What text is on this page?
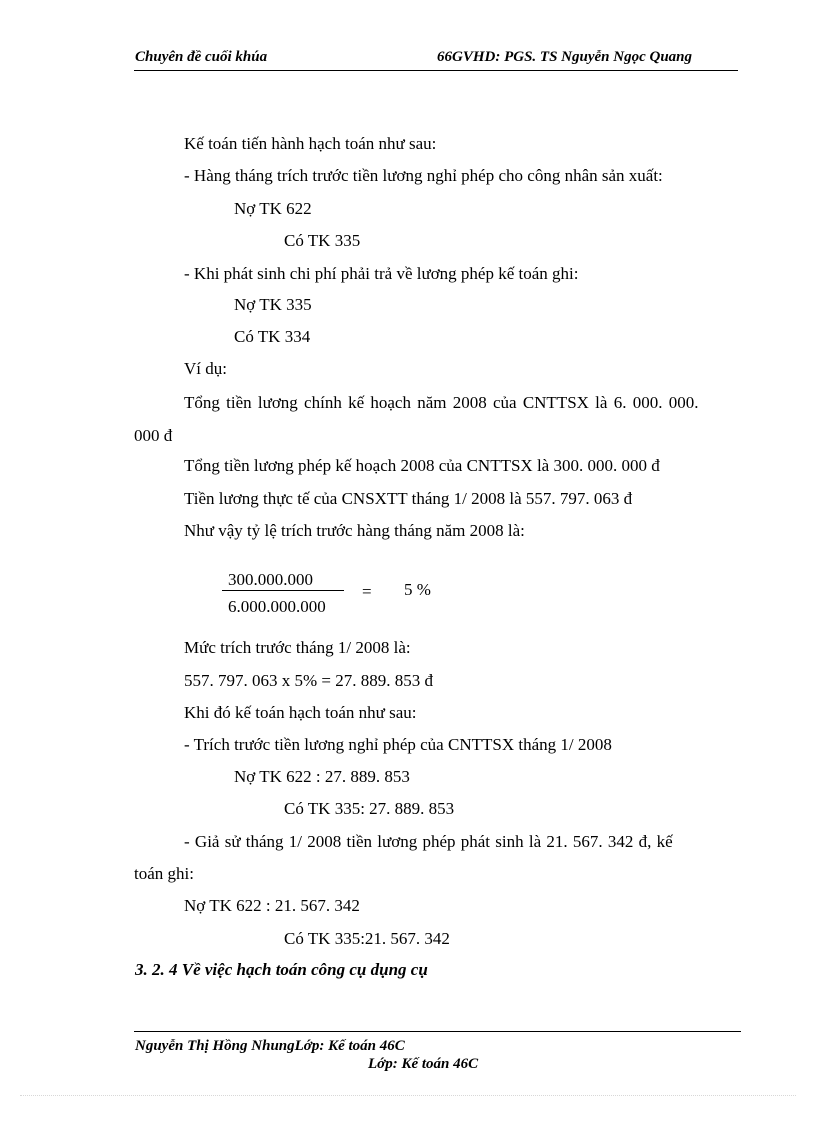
Chuyên đề cuối khúa	66GVHD: PGS. TS Nguyễn Ngọc Quang
Kế toán tiến hành hạch toán như sau:
- Hàng tháng trích trước tiền lương nghỉ phép cho công nhân sản xuất:
Nợ TK 622
Có TK 335
- Khi phát sinh chi phí phải trả về lương phép kế toán ghi:
Nợ TK 335
Có TK 334
Ví dụ:
Tổng tiền lương chính kế hoạch năm 2008 của CNTTSX là 6. 000. 000.
000 đ
Tổng tiền lương phép kế hoạch 2008 của CNTTSX là 300. 000. 000 đ
Tiền lương thực tế của CNSXTT tháng 1/ 2008 là 557. 797. 063 đ
Như vậy tỷ lệ trích trước hàng tháng năm 2008 là:
300.000.000
6.000.000.000
= 5 %
Mức trích trước tháng 1/ 2008 là:
557. 797. 063 x 5% = 27. 889. 853 đ
Khi đó kế toán hạch toán như sau:
- Trích trước tiền lương nghỉ phép của CNTTSX tháng 1/ 2008
Nợ TK 622 : 27. 889. 853
Có TK 335: 27. 889. 853
- Giả sử tháng 1/ 2008 tiền lương phép phát sinh là 21. 567. 342 đ, kế
toán ghi:
Nợ TK 622 : 21. 567. 342
Có TK 335:21. 567. 342
3. 2. 4 Về việc hạch toán công cụ dụng cụ
Nguyễn Thị Hồng NhungLớp: Kế toán 46C
Lớp: Kế toán 46C
